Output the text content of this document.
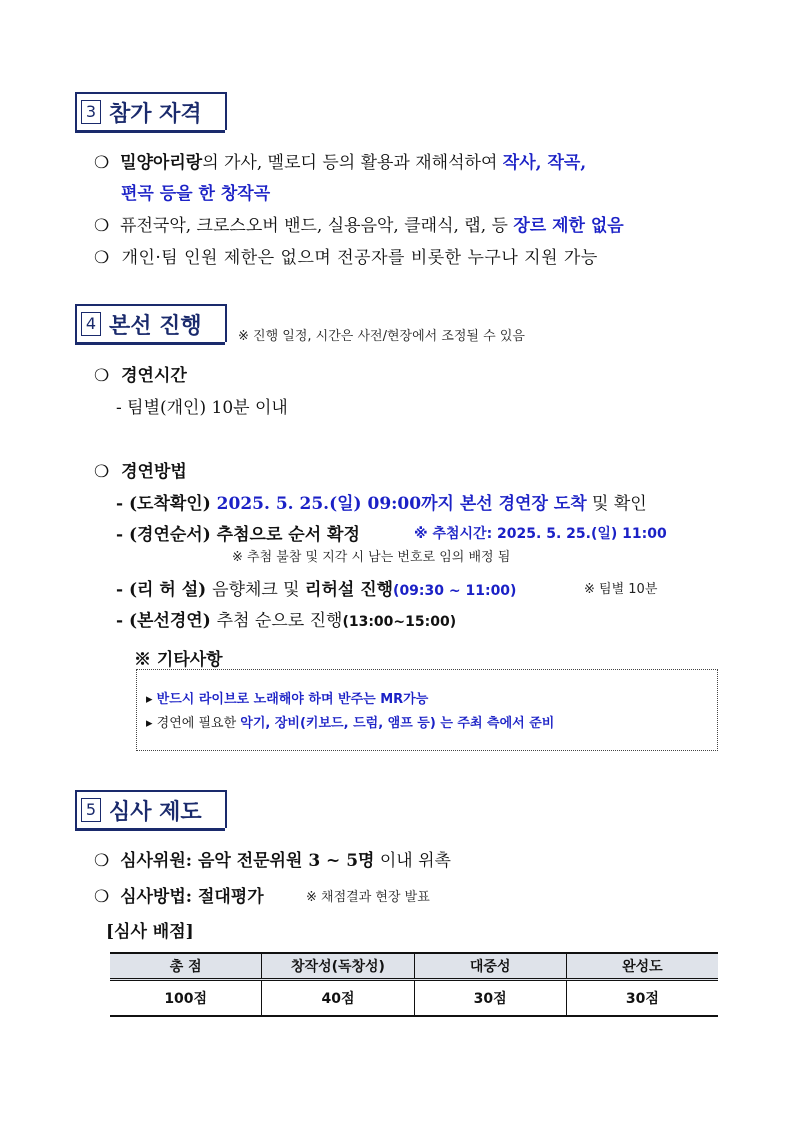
3 참가 자격
❍ 밀양아리랑의 가사, 멜로디 등의 활용과 재해석하여 작사, 작곡,
편곡 등을 한 창작곡
❍ 퓨전국악, 크로스오버 밴드, 실용음악, 클래식, 랩, 등 장르 제한 없음
❍ 개인·팀 인원 제한은 없으며 전공자를 비롯한 누구나 지원 가능
4 본선 진행	※ 진행 일정, 시간은 사전/현장에서 조정될 수 있음
❍ 경연시간
- 팀별(개인) 10분 이내
❍ 경연방법
- (도착확인) 2025. 5. 25.(일) 09:00까지 본선 경연장 도착 및 확인
- (경연순서) 추첨으로 순서 확정	※ 추첨시간: 2025. 5. 25.(일) 11:00
※ 추첨 불참 및 지각 시 남는 번호로 임의 배정 됨
- (리 허 설) 음향체크 및 리허설 진행(09:30 ~ 11:00)	※ 팀별 10분
- (본선경연) 추첨 순으로 진행(13:00~15:00)
※ 기타사항
▸ 반드시 라이브로 노래해야 하며 반주는 MR가능
▸ 경연에 필요한 악기, 장비(키보드, 드럼, 앰프 등) 는 주최 측에서 준비
5 심사 제도
❍ 심사위원: 음악 전문위원 3 ~ 5명 이내 위촉
❍ 심사방법: 절대평가	※ 채점결과 현장 발표
[심사 배점]
총 점	창작성(독창성)	대중성	완성도
100점	40점	30점	30점
